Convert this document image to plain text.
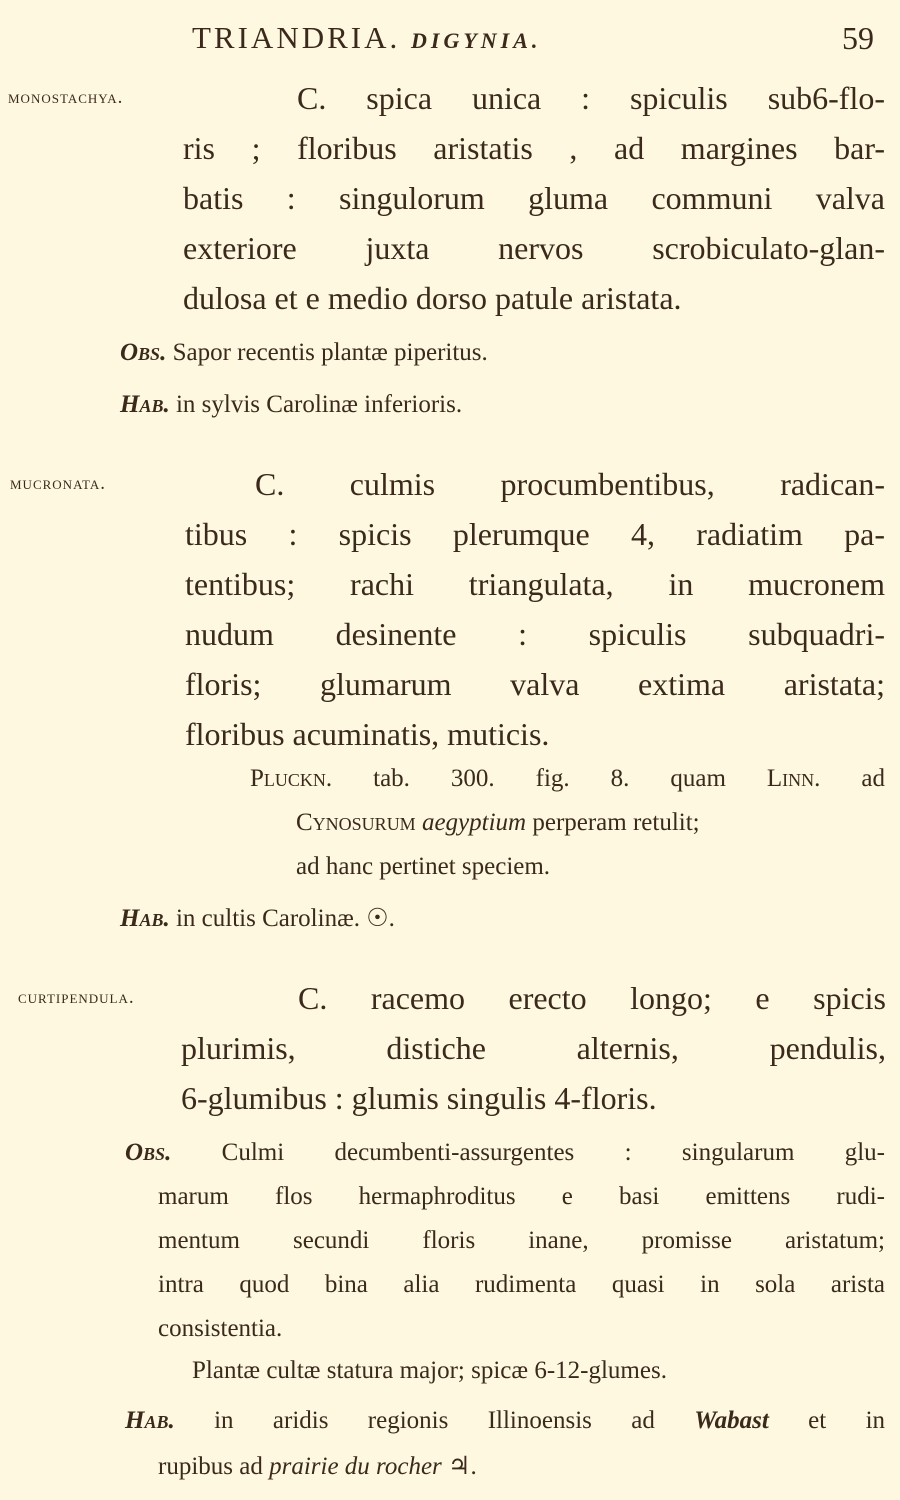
TRIANDRIA. DIGYNIA.	59
monostachya.	C. spica unica : spiculis sub6-flo-
ris ; floribus aristatis , ad margines bar-
batis : singulorum gluma communi valva
exteriore juxta nervos scrobiculato-glan-
dulosa et e medio dorso patule aristata.
Obs. Sapor recentis plantæ piperitus.
Hab. in sylvis Carolinæ inferioris.
mucronata.	C. culmis procumbentibus, radican-
tibus : spicis plerumque 4, radiatim pa-
tentibus; rachi triangulata, in mucronem
nudum desinente : spiculis subquadri-
floris; glumarum valva extima aristata;
floribus acuminatis, muticis.
Pluckn. tab. 300. fig. 8. quam Linn. ad
Cynosurum aegyptium perperam retulit;
ad hanc pertinet speciem.
Hab. in cultis Carolinæ. ☉.
curtipendula.	C. racemo erecto longo; e spicis
plurimis, distiche alternis, pendulis,
6-glumibus : glumis singulis 4-floris.
Obs. Culmi decumbenti-assurgentes : singularum glu-
marum flos hermaphroditus e basi emittens rudi-
mentum secundi floris inane, promisse aristatum;
intra quod bina alia rudimenta quasi in sola arista
consistentia.
Plantæ cultæ statura major; spicæ 6-12-glumes.
Hab. in aridis regionis Illinoensis ad Wabast et in
rupibus ad prairie du rocher ♃.
